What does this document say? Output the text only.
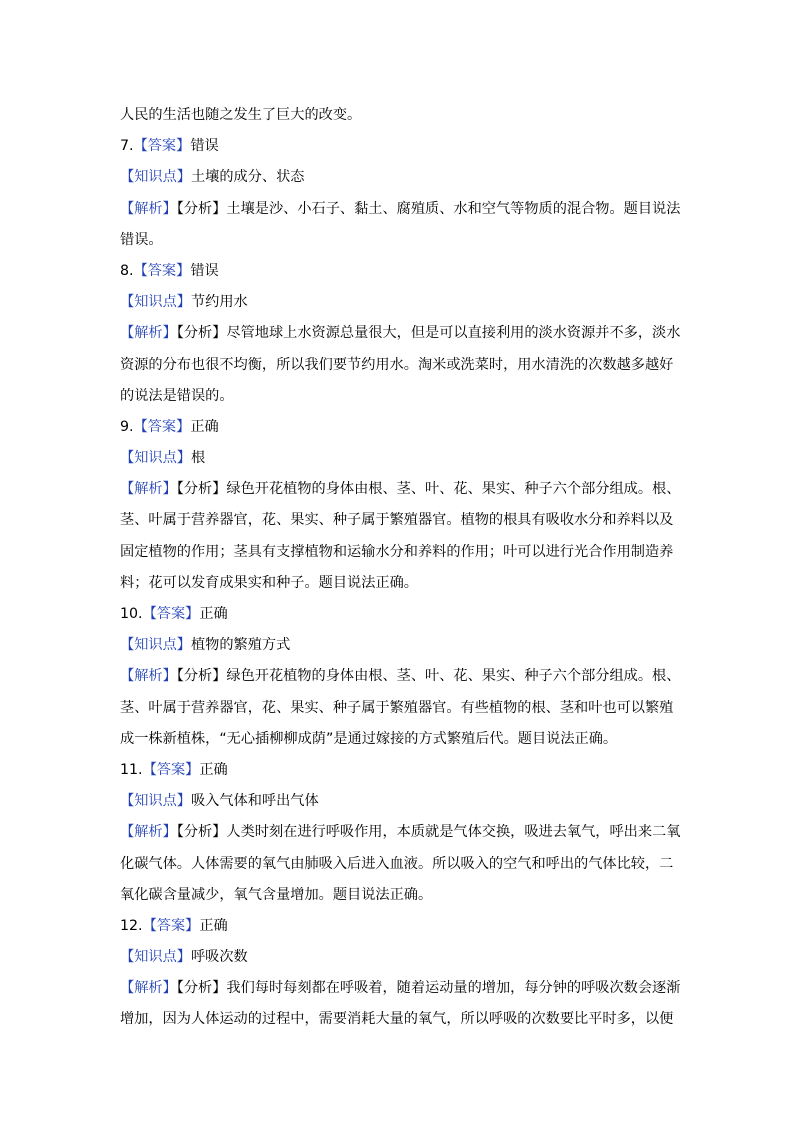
人民的生活也随之发生了巨大的改变。
7.【答案】错误
【知识点】土壤的成分、状态
【解析】【分析】土壤是沙、小石子、黏土、腐殖质、水和空气等物质的混合物。题目说法
错误。
8.【答案】错误
【知识点】节约用水
【解析】【分析】尽管地球上水资源总量很大，但是可以直接利用的淡水资源并不多，淡水
资源的分布也很不均衡，所以我们要节约用水。淘米或洗菜时，用水清洗的次数越多越好
的说法是错误的。
9.【答案】正确
【知识点】根
【解析】【分析】绿色开花植物的身体由根、茎、叶、花、果实、种子六个部分组成。根、
茎、叶属于营养器官，花、果实、种子属于繁殖器官。植物的根具有吸收水分和养料以及
固定植物的作用；茎具有支撑植物和运输水分和养料的作用；叶可以进行光合作用制造养
料；花可以发育成果实和种子。题目说法正确。
10.【答案】正确
【知识点】植物的繁殖方式
【解析】【分析】绿色开花植物的身体由根、茎、叶、花、果实、种子六个部分组成。根、
茎、叶属于营养器官，花、果实、种子属于繁殖器官。有些植物的根、茎和叶也可以繁殖
成一株新植株，“无心插柳柳成荫”是通过嫁接的方式繁殖后代。题目说法正确。
11.【答案】正确
【知识点】吸入气体和呼出气体
【解析】【分析】人类时刻在进行呼吸作用，本质就是气体交换，吸进去氧气，呼出来二氧
化碳气体。人体需要的氧气由肺吸入后进入血液。所以吸入的空气和呼出的气体比较，二
氧化碳含量减少，氧气含量增加。题目说法正确。
12.【答案】正确
【知识点】呼吸次数
【解析】【分析】我们每时每刻都在呼吸着，随着运动量的增加，每分钟的呼吸次数会逐渐
增加，因为人体运动的过程中，需要消耗大量的氧气，所以呼吸的次数要比平时多，以便
